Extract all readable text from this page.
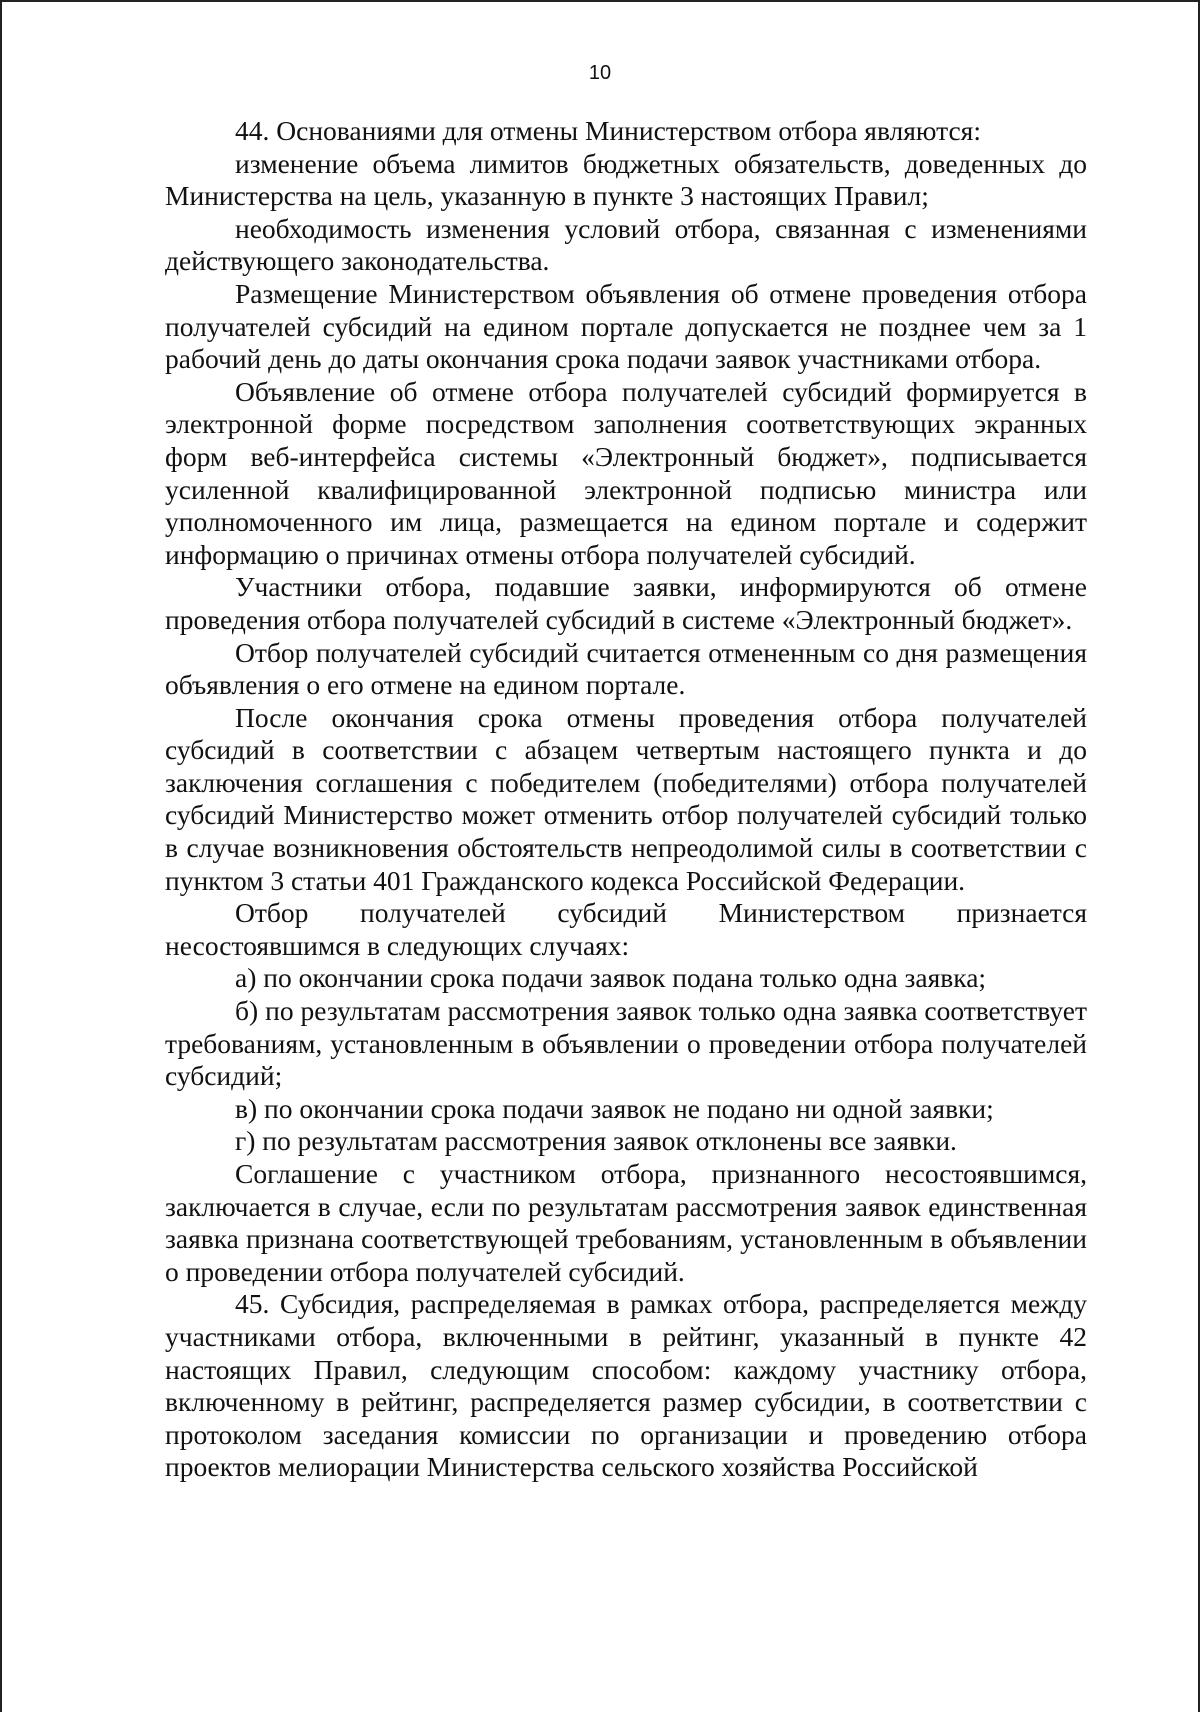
10

44. Основаниями для отмены Министерством отбора являются:

изменение объема лимитов бюджетных обязательств, доведенных до Министерства на цель, указанную в пункте 3 настоящих Правил;

необходимость изменения условий отбора, связанная с изменениями действующего законодательства.

Размещение Министерством объявления об отмене проведения отбора получателей субсидий на едином портале допускается не позднее чем за 1 рабочий день до даты окончания срока подачи заявок участниками отбора.

Объявление об отмене отбора получателей субсидий формируется в электронной форме посредством заполнения соответствующих экранных форм веб-интерфейса системы «Электронный бюджет», подписывается усиленной квалифицированной электронной подписью министра или уполномоченного им лица, размещается на едином портале и содержит информацию о причинах отмены отбора получателей субсидий.

Участники отбора, подавшие заявки, информируются об отмене проведения отбора получателей субсидий в системе «Электронный бюджет».

Отбор получателей субсидий считается отмененным со дня размещения объявления о его отмене на едином портале.

После окончания срока отмены проведения отбора получателей субсидий в соответствии с абзацем четвертым настоящего пункта и до заключения соглашения с победителем (победителями) отбора получателей субсидий Министерство может отменить отбор получателей субсидий только в случае возникновения обстоятельств непреодолимой силы в соответствии с пунктом 3 статьи 401 Гражданского кодекса Российской Федерации.

Отбор получателей субсидий Министерством признается несостоявшимся в следующих случаях:

а) по окончании срока подачи заявок подана только одна заявка;

б) по результатам рассмотрения заявок только одна заявка соответствует требованиям, установленным в объявлении о проведении отбора получателей субсидий;

в) по окончании срока подачи заявок не подано ни одной заявки;

г) по результатам рассмотрения заявок отклонены все заявки.

Соглашение с участником отбора, признанного несостоявшимся, заключается в случае, если по результатам рассмотрения заявок единственная заявка признана соответствующей требованиям, установленным в объявлении о проведении отбора получателей субсидий.

45. Субсидия, распределяемая в рамках отбора, распределяется между участниками отбора, включенными в рейтинг, указанный в пункте 42 настоящих Правил, следующим способом: каждому участнику отбора, включенному в рейтинг, распределяется размер субсидии, в соответствии с протоколом заседания комиссии по организации и проведению отбора проектов мелиорации Министерства сельского хозяйства Российской
